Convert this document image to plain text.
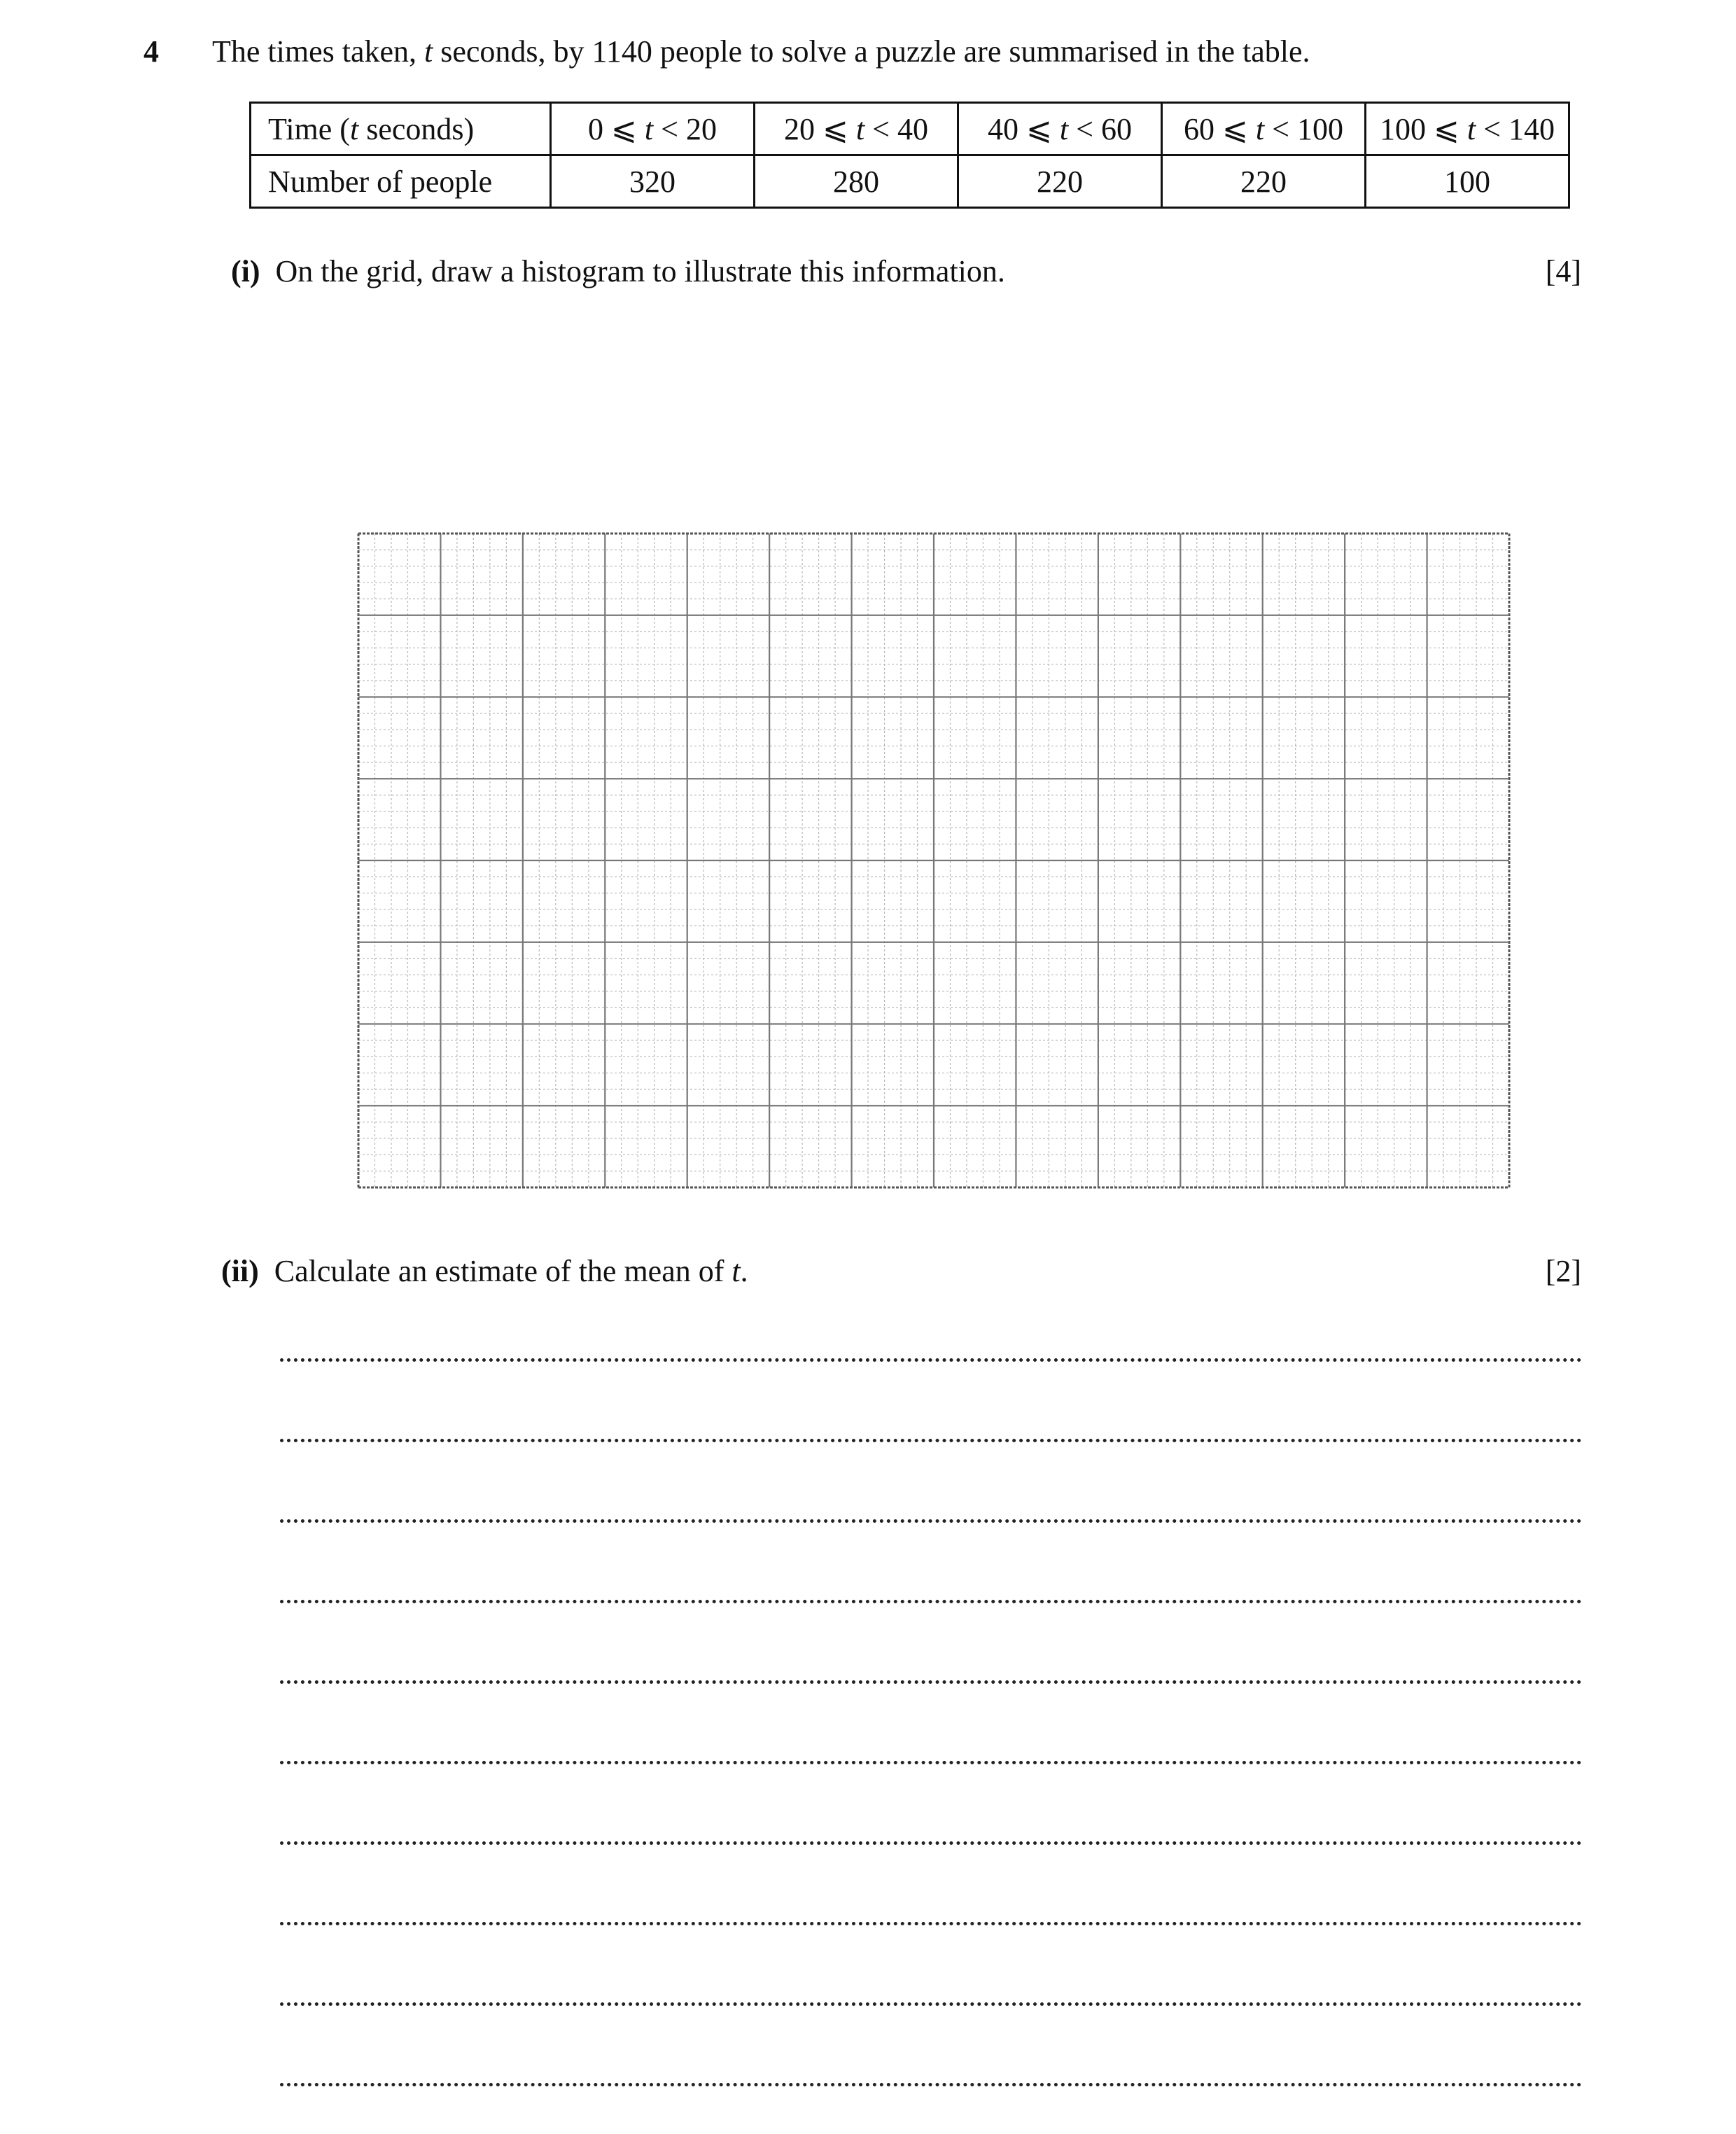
4 The times taken, t seconds, by 1140 people to solve a puzzle are summarised in the table.
Time (t seconds)	0 ⩽ t < 20	20 ⩽ t < 40	40 ⩽ t < 60	60 ⩽ t < 100	100 ⩽ t < 140
Number of people	320	280	220	220	100
(i) On the grid, draw a histogram to illustrate this information.	[4]
(ii) Calculate an estimate of the mean of t.	[2]
